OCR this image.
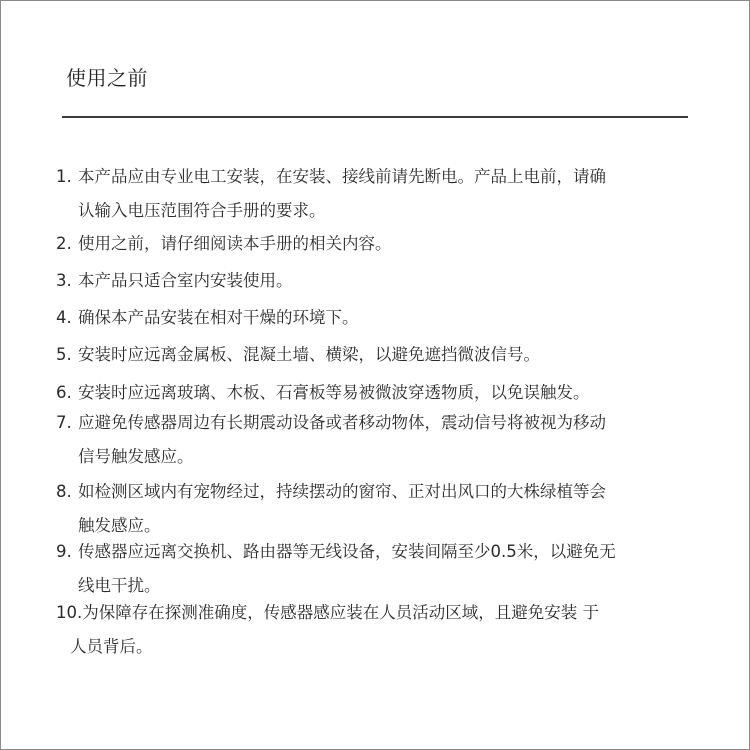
使用之前
1. 本产品应由专业电工安装，在安装、接线前请先断电。产品上电前，请确
认输入电压范围符合手册的要求。
2. 使用之前，请仔细阅读本手册的相关内容。
3. 本产品只适合室内安装使用。
4. 确保本产品安装在相对干燥的环境下。
5. 安装时应远离金属板、混凝土墙、横梁，以避免遮挡微波信号。
6. 安装时应远离玻璃、木板、石膏板等易被微波穿透物质，以免误触发。
7. 应避免传感器周边有长期震动设备或者移动物体，震动信号将被视为移动
信号触发感应。
8. 如检测区域内有宠物经过，持续摆动的窗帘、正对出风口的大株绿植等会
触发感应。
9. 传感器应远离交换机、路由器等无线设备，安装间隔至少0.5米，以避免无
线电干扰。
10.为保障存在探测准确度，传感器感应装在人员活动区域，且避免安装 于
人员背后。
